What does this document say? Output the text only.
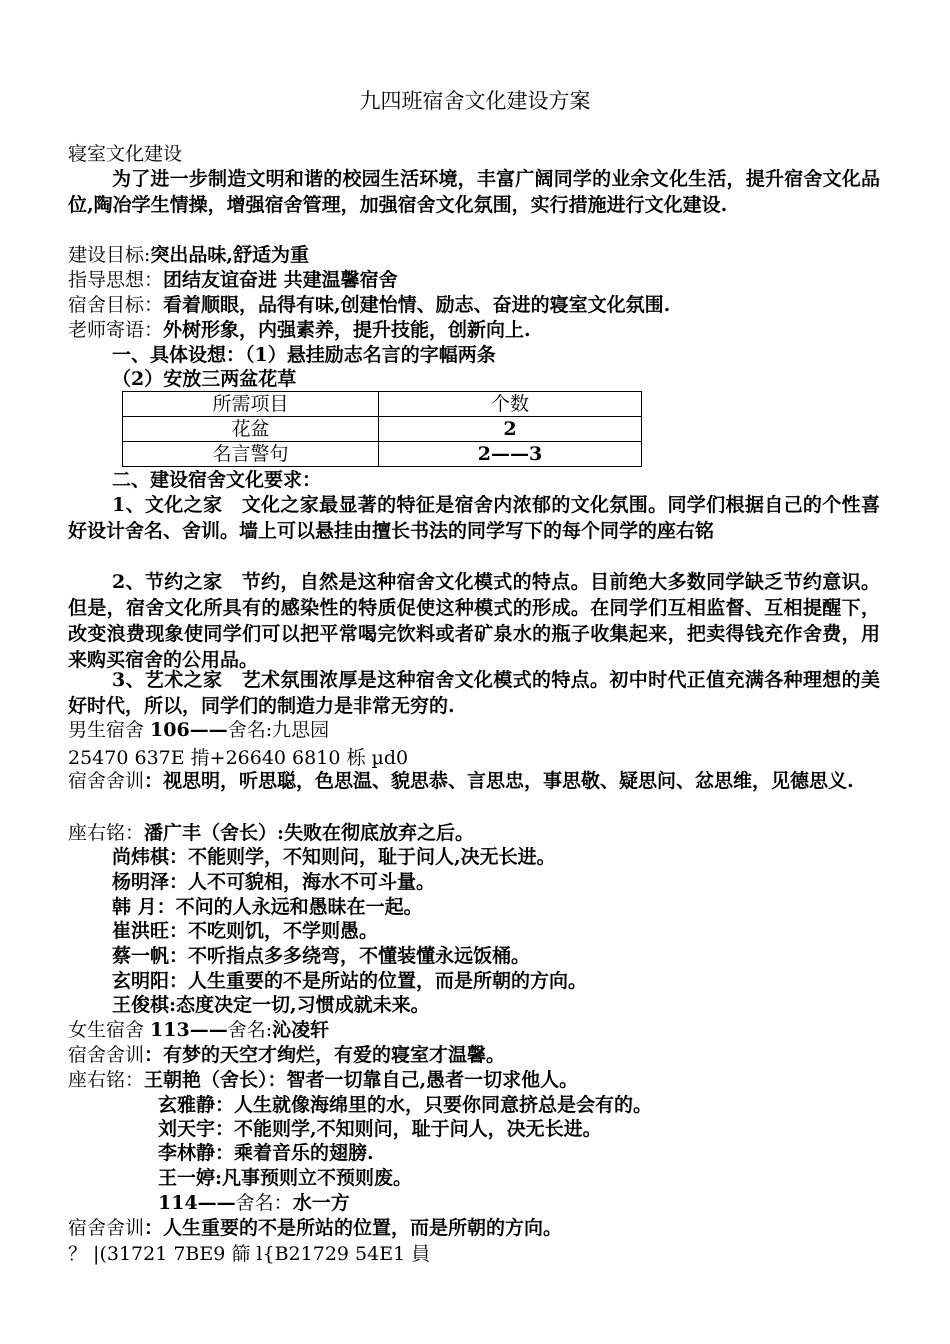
九四班宿舍文化建设方案
寝室文化建设
为了进一步制造文明和谐的校园生活环境，丰富广阔同学的业余文化生活，提升宿舍文化品位,陶冶学生情操，增强宿舍管理，加强宿舍文化氛围，实行措施进行文化建设.
建设目标:突出品味,舒适为重
指导思想：团结友谊奋进 共建温馨宿舍
宿舍目标：看着顺眼，品得有味,创建怡情、励志、奋进的寝室文化氛围.
老师寄语：外树形象，内强素养，提升技能，创新向上.
一、具体设想：（1）悬挂励志名言的字幅两条
（2）安放三两盆花草
所需项目	个数
花盆	2
名言警句	2——3
二、建设宿舍文化要求：
1、文化之家　文化之家最显著的特征是宿舍内浓郁的文化氛围。同学们根据自己的个性喜好设计舍名、舍训。墙上可以悬挂由擅长书法的同学写下的每个同学的座右铭
2、节约之家　节约，自然是这种宿舍文化模式的特点。目前绝大多数同学缺乏节约意识。但是，宿舍文化所具有的感染性的特质促使这种模式的形成。在同学们互相监督、互相提醒下，改变浪费现象使同学们可以把平常喝完饮料或者矿泉水的瓶子收集起来，把卖得钱充作舍费，用来购买宿舍的公用品。
3、艺术之家　艺术氛围浓厚是这种宿舍文化模式的特点。初中时代正值充满各种理想的美好时代，所以，同学们的制造力是非常无穷的.
男生宿舍 106——舍名:九思园
25470 637E 掯+26640 6810 栎 µd0
宿舍舍训：视思明，听思聪，色思温、貌思恭、言思忠，事思敬、疑思问、忿思维，见德思义.
座右铭：潘广丰（舍长）:失败在彻底放弃之后。
尚炜棋：不能则学，不知则问，耻于问人,决无长进。
杨明泽：人不可貌相，海水不可斗量。
韩 月：不问的人永远和愚昧在一起。
崔洪旺：不吃则饥，不学则愚。
蔡一帆：不听指点多多绕弯，不懂装懂永远饭桶。
玄明阳：人生重要的不是所站的位置，而是所朝的方向。
王俊棋:态度决定一切,习惯成就未来。
女生宿舍 113——舍名:沁凌轩
宿舍舍训：有梦的天空才绚烂，有爱的寝室才温馨。
座右铭：王朝艳（舍长）：智者一切靠自己,愚者一切求他人。
玄雅静：人生就像海绵里的水，只要你同意挤总是会有的。
刘天宇：不能则学,不知则问，耻于问人，决无长进。
李林静：乘着音乐的翅膀.
王一婷:凡事预则立不预则废。
114——舍名：水一方
宿舍舍训：人生重要的不是所站的位置，而是所朝的方向。
？ |(31721 7BE9 篩 l{B21729 54E1 員
